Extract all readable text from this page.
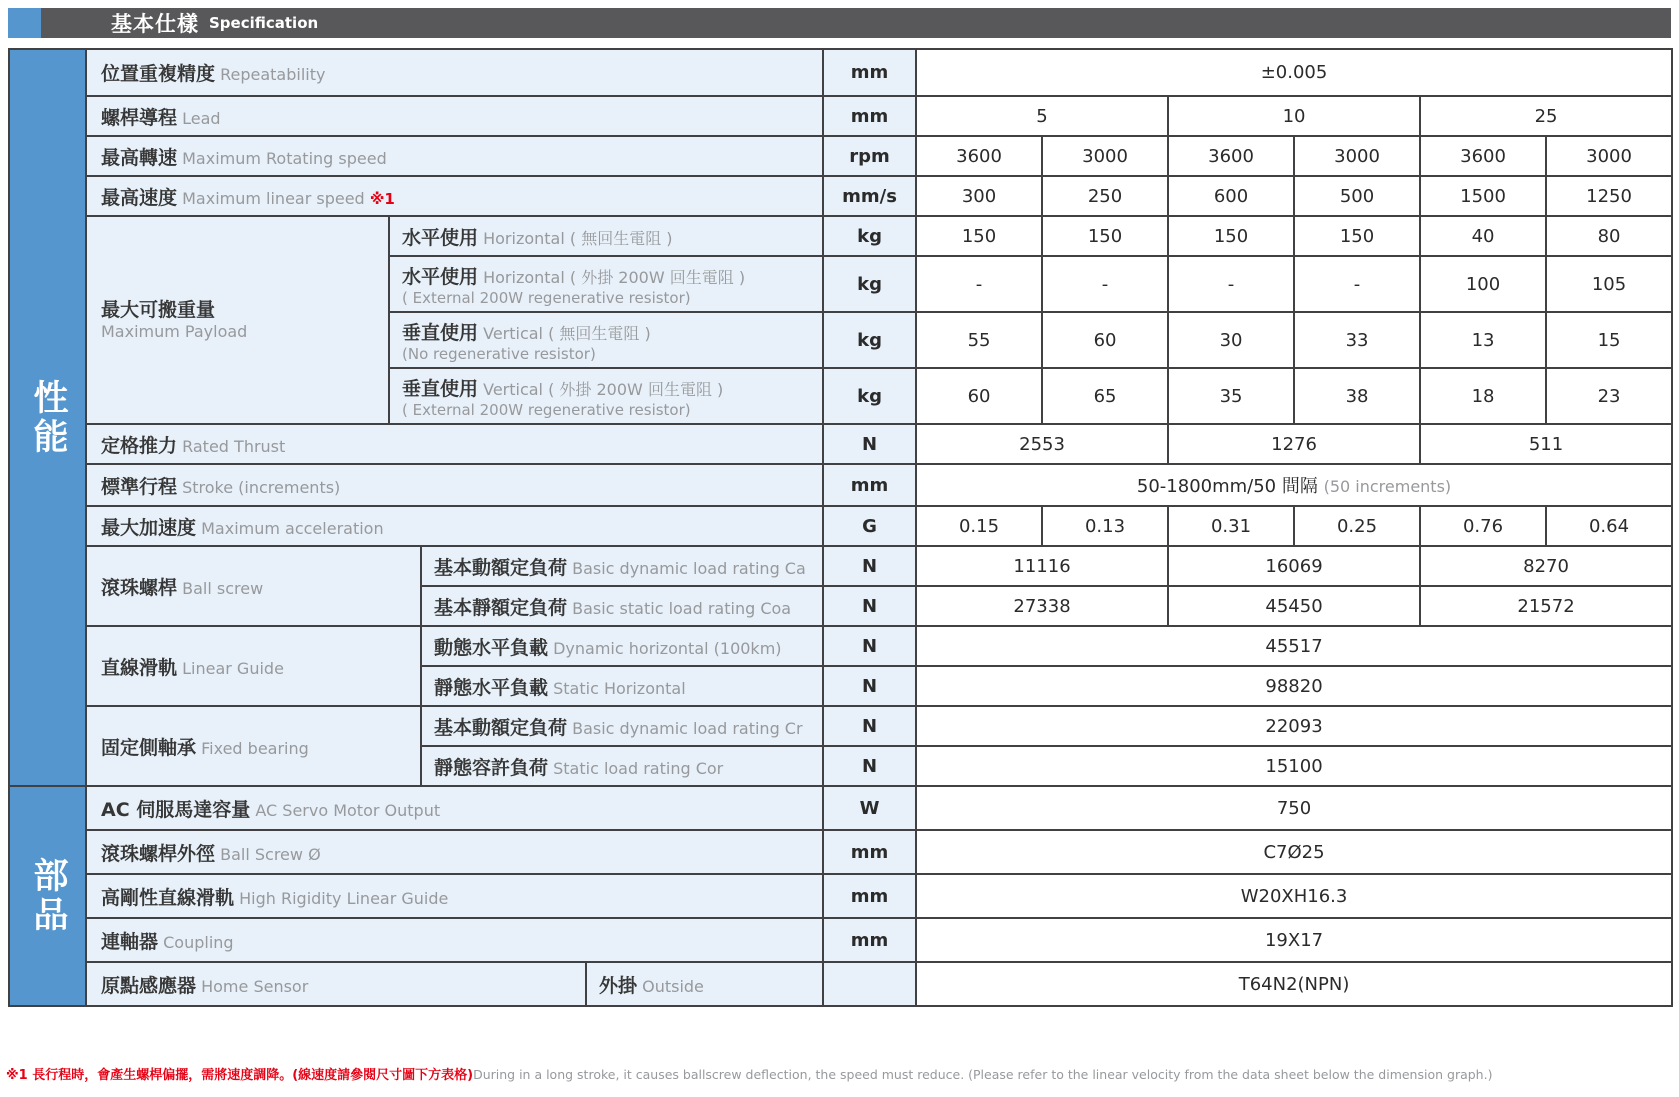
基本仕樣 Specification
性能	位置重複精度 Repeatability				mm	±0.005					
	螺桿導程 Lead				mm	5		10		25	
	最高轉速 Maximum Rotating speed				rpm	3600	3000	3600	3000	3600	3000
	最高速度 Maximum linear speed ※1				mm/s	300	250	600	500	1500	1250

	最大可搬重量
Maximum Payload	水平使用 Horizontal ( 無回生電阻 )			kg	150	150	150	150	40	80
		水平使用 Horizontal ( 外掛 200W 回生電阻 )
( External 200W regenerative resistor)			kg	-	-	-	-	100	105
		垂直使用 Vertical ( 無回生電阻 )
(No regenerative resistor)			kg	55	60	30	33	13	15
		垂直使用 Vertical ( 外掛 200W 回生電阻 )
( External 200W regenerative resistor)			kg	60	65	35	38	18	23
	定格推力 Rated Thrust				N	2553		1276		511	
	標準行程 Stroke (increments)				mm	50-1800mm/50 間隔 (50 increments)					
	最大加速度 Maximum acceleration				G	0.15	0.13	0.31	0.25	0.76	0.64
	滾珠螺桿 Ball screw		基本動額定負荷 Basic dynamic load rating Ca		N	11116		16069		8270	
			基本靜額定負荷 Basic static load rating Coa		N	27338		45450		21572	
	直線滑軌 Linear Guide		動態水平負載 Dynamic horizontal (100km)		N	45517					
			靜態水平負載 Static Horizontal		N	98820					
	固定側軸承 Fixed bearing		基本動額定負荷 Basic dynamic load rating Cr		N	22093					
			靜態容許負荷 Static load rating Cor		N	15100					

部品	AC 伺服馬達容量 AC Servo Motor Output				W	750					
	滾珠螺桿外徑 Ball Screw Ø				mm	C7Ø25					
	高剛性直線滑軌 High Rigidity Linear Guide				mm	W20XH16.3					
	連軸器 Coupling				mm	19X17					
	原點感應器 Home Sensor			外掛 Outside		T64N2(NPN)					
※1 長行程時，會產生螺桿偏擺，需將速度調降。(線速度請參閱尺寸圖下方表格)During in a long stroke, it causes ballscrew deflection, the speed must reduce. (Please refer to the linear velocity from the data sheet below the dimension graph.)
